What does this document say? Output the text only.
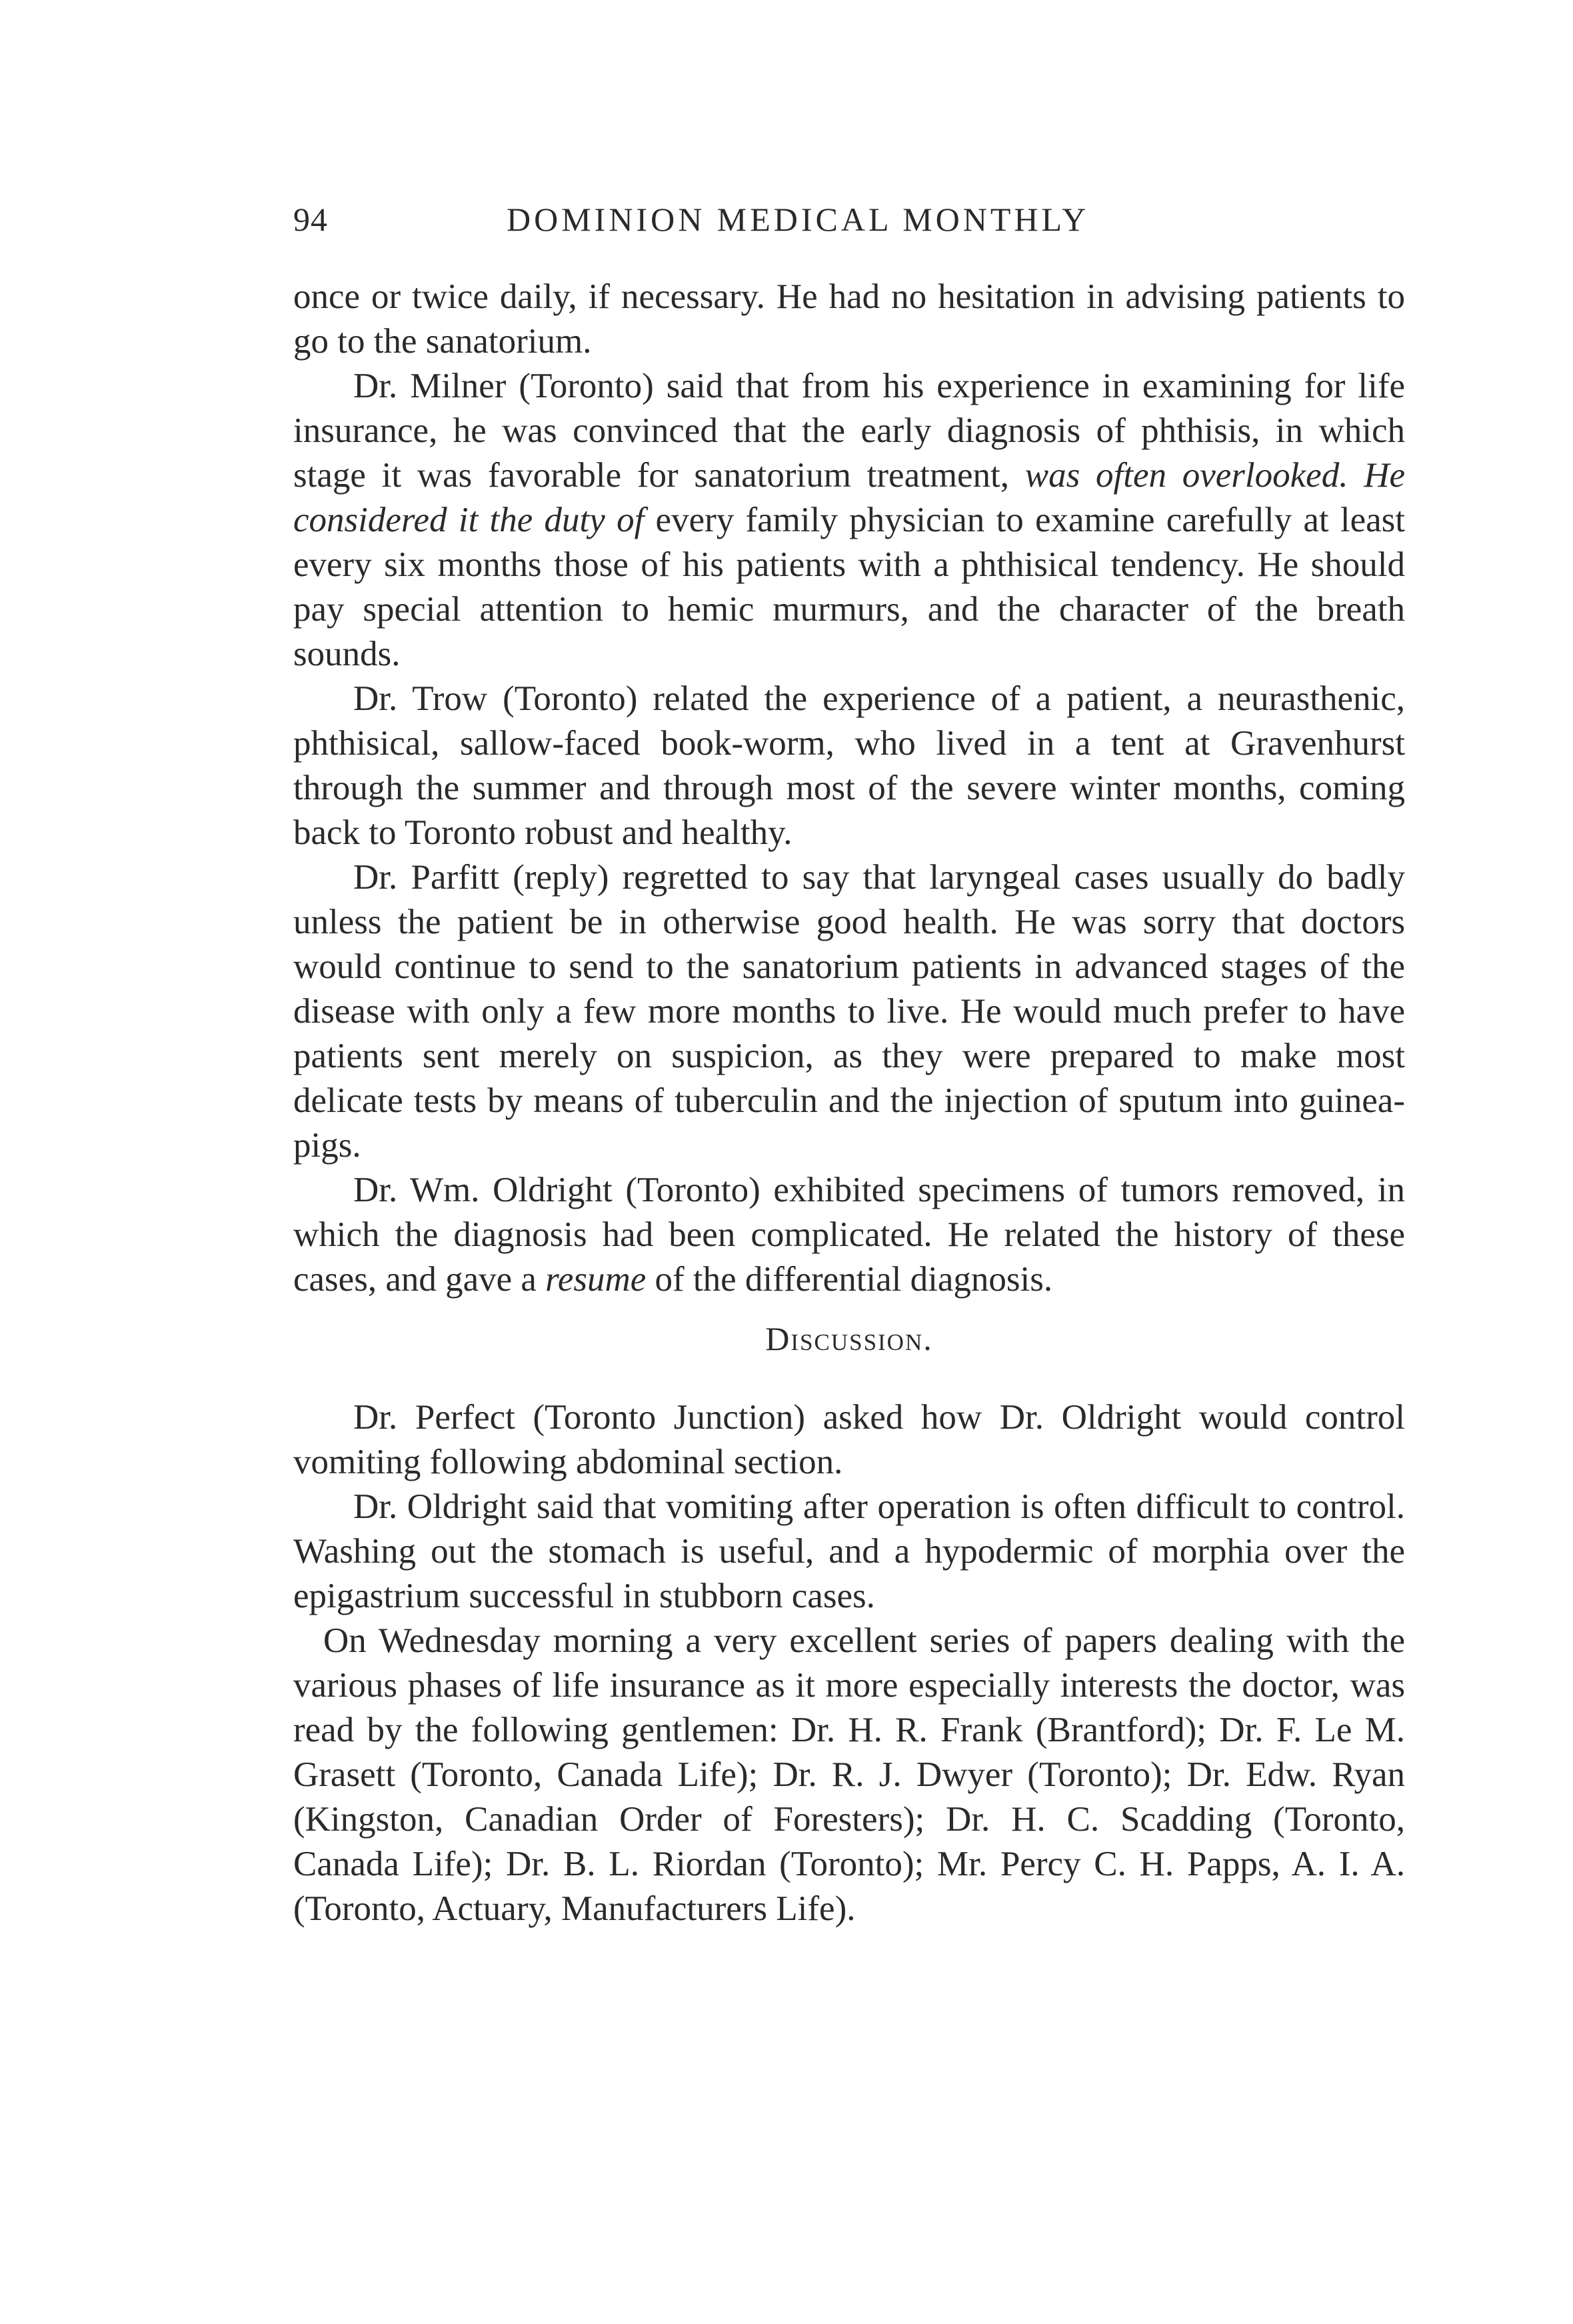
94	DOMINION MEDICAL MONTHLY

once or twice daily, if necessary. He had no hesitation in advising patients to go to the sanatorium.

Dr. Milner (Toronto) said that from his experience in examining for life insurance, he was convinced that the early diagnosis of phthisis, in which stage it was favorable for sanatorium treatment, was often overlooked. He considered it the duty of every family physician to examine carefully at least every six months those of his patients with a phthisical tendency. He should pay special attention to hemic murmurs, and the character of the breath sounds.

Dr. Trow (Toronto) related the experience of a patient, a neurasthenic, phthisical, sallow-faced book-worm, who lived in a tent at Gravenhurst through the summer and through most of the severe winter months, coming back to Toronto robust and healthy.

Dr. Parfitt (reply) regretted to say that laryngeal cases usually do badly unless the patient be in otherwise good health. He was sorry that doctors would continue to send to the sanatorium patients in advanced stages of the disease with only a few more months to live. He would much prefer to have patients sent merely on suspicion, as they were prepared to make most delicate tests by means of tuberculin and the injection of sputum into guinea-pigs.

Dr. Wm. Oldright (Toronto) exhibited specimens of tumors removed, in which the diagnosis had been complicated. He related the history of these cases, and gave a resume of the differential diagnosis.

Discussion.

Dr. Perfect (Toronto Junction) asked how Dr. Oldright would control vomiting following abdominal section.

Dr. Oldright said that vomiting after operation is often difficult to control. Washing out the stomach is useful, and a hypodermic of morphia over the epigastrium successful in stubborn cases.

On Wednesday morning a very excellent series of papers dealing with the various phases of life insurance as it more especially interests the doctor, was read by the following gentlemen: Dr. H. R. Frank (Brantford); Dr. F. Le M. Grasett (Toronto, Canada Life); Dr. R. J. Dwyer (Toronto); Dr. Edw. Ryan (Kingston, Canadian Order of Foresters); Dr. H. C. Scadding (Toronto, Canada Life); Dr. B. L. Riordan (Toronto); Mr. Percy C. H. Papps, A. I. A. (Toronto, Actuary, Manufacturers Life).
